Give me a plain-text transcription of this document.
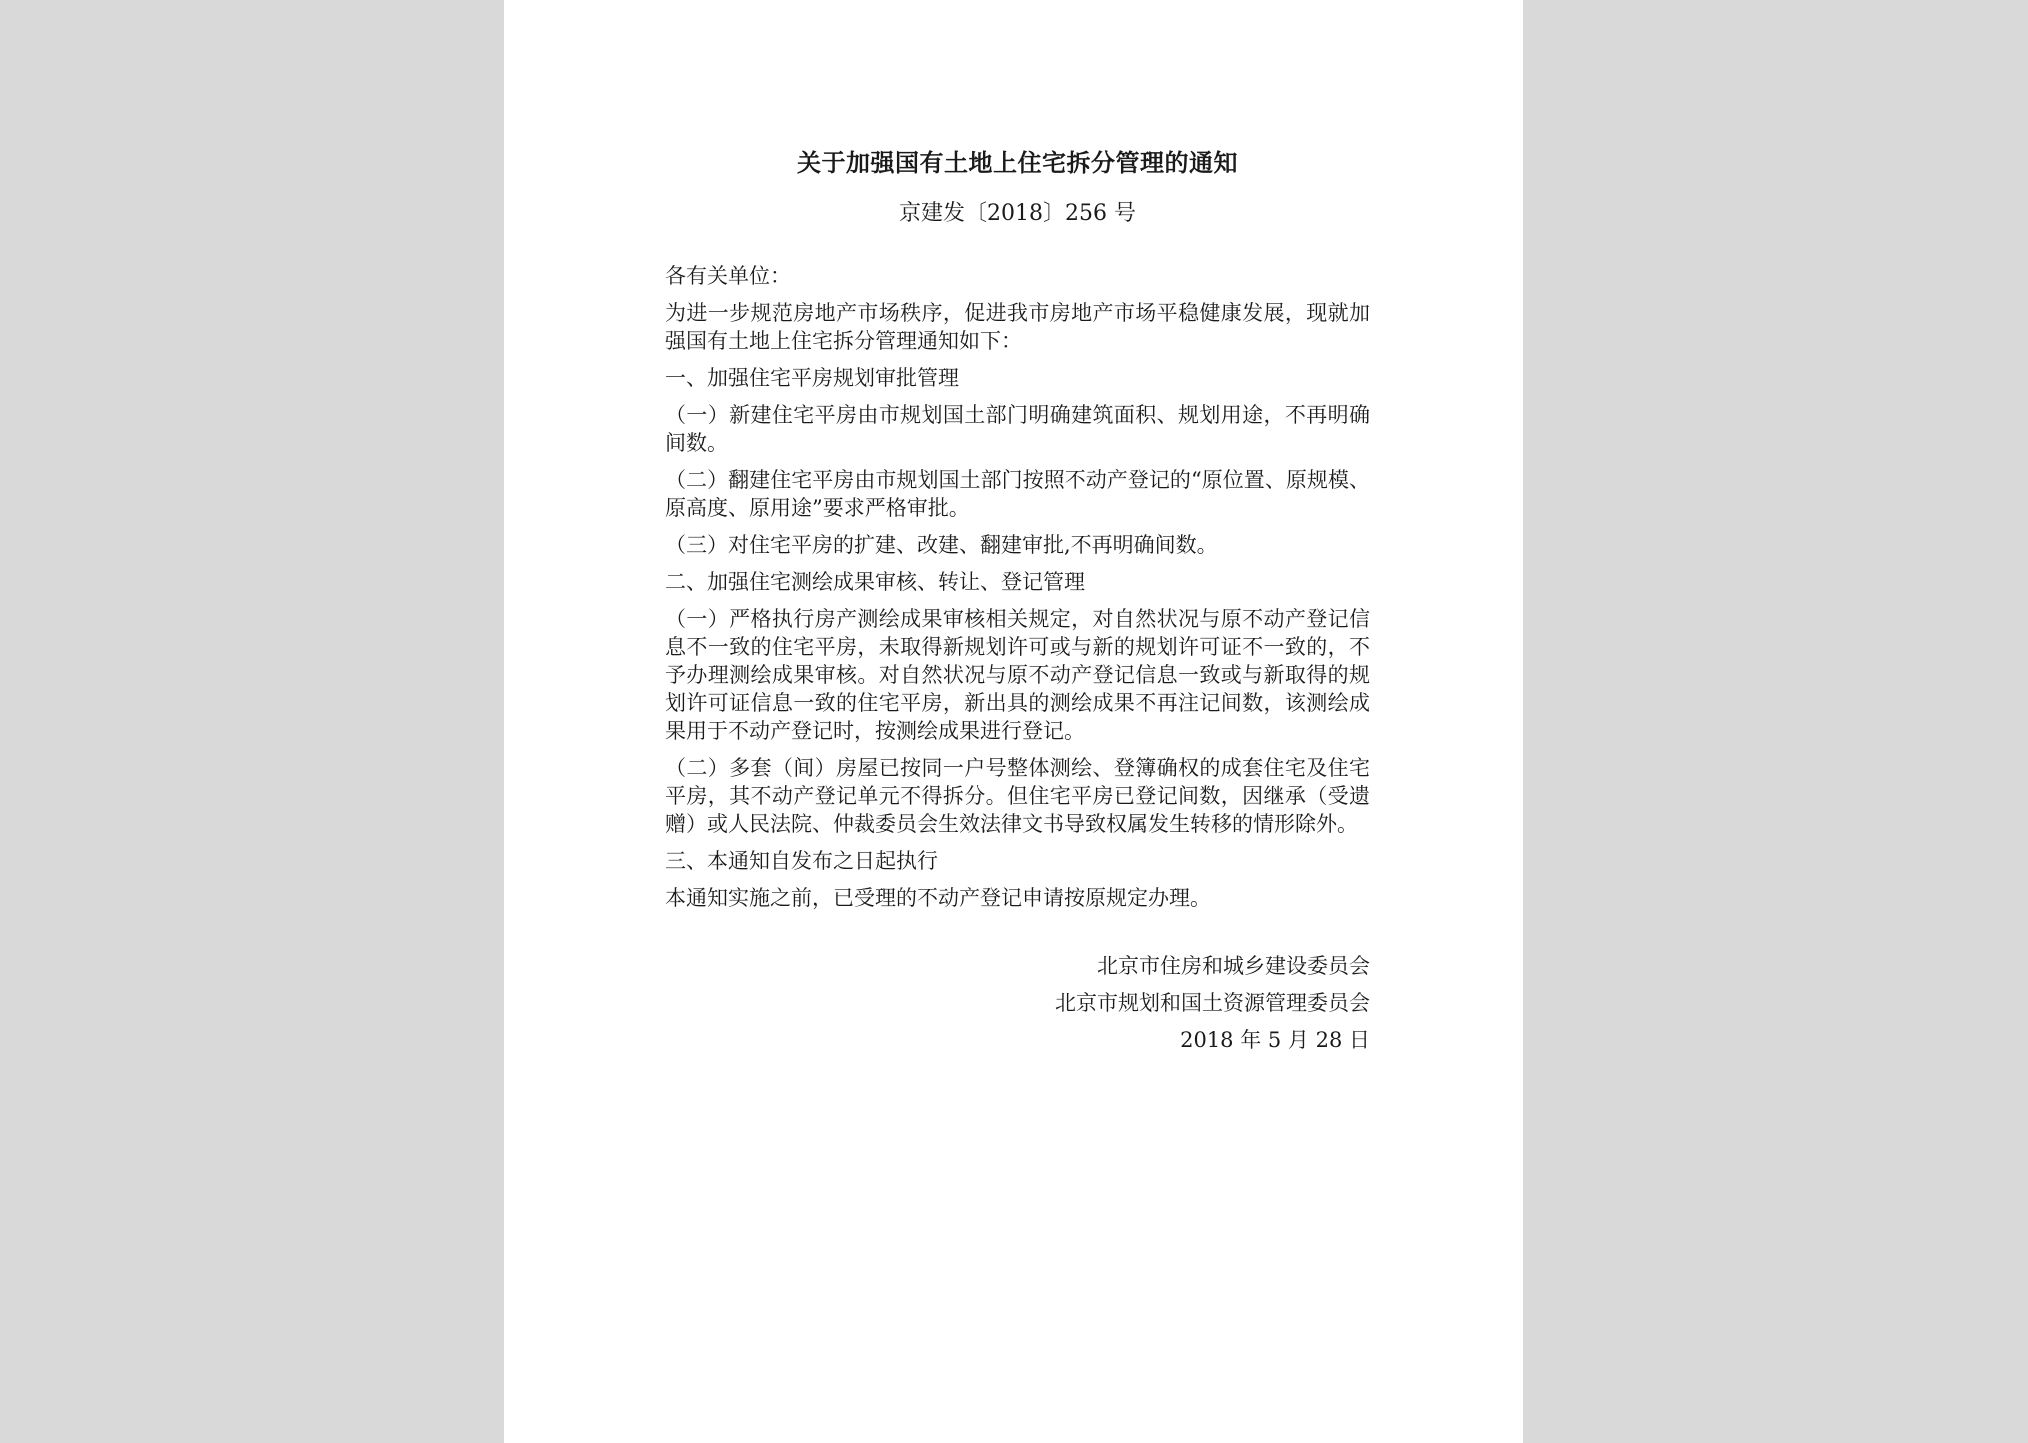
关于加强国有土地上住宅拆分管理的通知
京建发〔2018〕256 号
各有关单位：
为进一步规范房地产市场秩序，促进我市房地产市场平稳健康发展，现就加强国有土地上住宅拆分管理通知如下：
一、加强住宅平房规划审批管理
（一）新建住宅平房由市规划国土部门明确建筑面积、规划用途，不再明确间数。
（二）翻建住宅平房由市规划国土部门按照不动产登记的“原位置、原规模、原高度、原用途”要求严格审批。
（三）对住宅平房的扩建、改建、翻建审批,不再明确间数。
二、加强住宅测绘成果审核、转让、登记管理
（一）严格执行房产测绘成果审核相关规定，对自然状况与原不动产登记信息不一致的住宅平房，未取得新规划许可或与新的规划许可证不一致的，不予办理测绘成果审核。对自然状况与原不动产登记信息一致或与新取得的规划许可证信息一致的住宅平房，新出具的测绘成果不再注记间数，该测绘成果用于不动产登记时，按测绘成果进行登记。
（二）多套（间）房屋已按同一户号整体测绘、登簿确权的成套住宅及住宅平房，其不动产登记单元不得拆分。但住宅平房已登记间数，因继承（受遗赠）或人民法院、仲裁委员会生效法律文书导致权属发生转移的情形除外。
三、本通知自发布之日起执行
本通知实施之前，已受理的不动产登记申请按原规定办理。
北京市住房和城乡建设委员会
北京市规划和国土资源管理委员会
2018 年 5 月 28 日
